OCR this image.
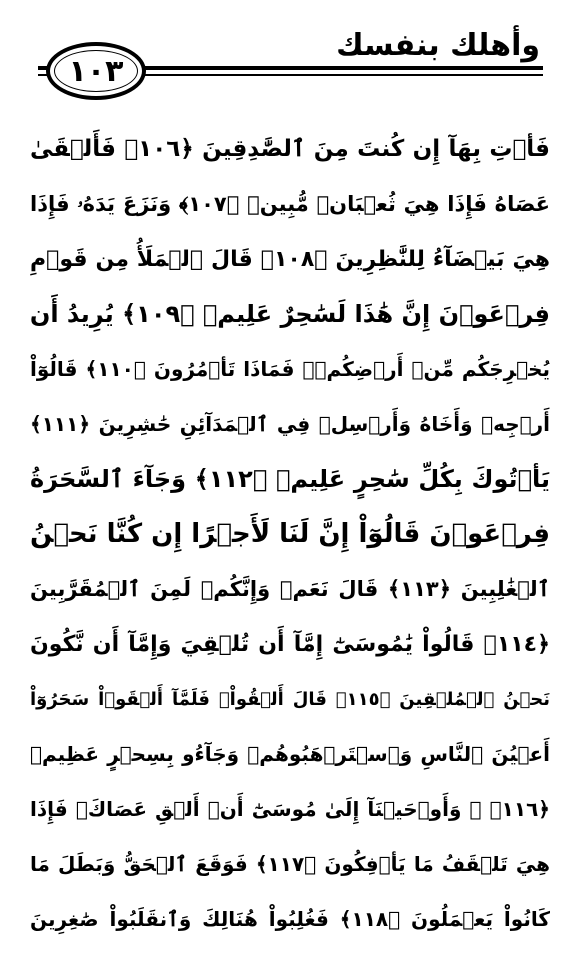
١٠٣
وأهلك بنفسك
فَأۡتِ بِهَآ إِن كُنتَ مِنَ ٱلصَّٰدِقِينَ ﴿١٠٦﴾ فَأَلۡقَىٰ
عَصَاهُ فَإِذَا هِيَ ثُعۡبَانٞ مُّبِينٞ ﴿١٠٧﴾ وَنَزَعَ يَدَهُۥ فَإِذَا
هِيَ بَيۡضَآءُ لِلنَّٰظِرِينَ ﴿١٠٨﴾ قَالَ ٱلۡمَلَأُ مِن قَوۡمِ
فِرۡعَوۡنَ إِنَّ هَٰذَا لَسَٰحِرٌ عَلِيمٞ ﴿١٠٩﴾ يُرِيدُ أَن
يُخۡرِجَكُم مِّنۡ أَرۡضِكُمۡۖ فَمَاذَا تَأۡمُرُونَ ﴿١١٠﴾ قَالُوٓاْ
أَرۡجِهۡ وَأَخَاهُ وَأَرۡسِلۡ فِي ٱلۡمَدَآئِنِ حَٰشِرِينَ ﴿١١١﴾
يَأۡتُوكَ بِكُلِّ سَٰحِرٍ عَلِيمٖ ﴿١١٢﴾ وَجَآءَ ٱلسَّحَرَةُ
فِرۡعَوۡنَ قَالُوٓاْ إِنَّ لَنَا لَأَجۡرًا إِن كُنَّا نَحۡنُ
ٱلۡغَٰلِبِينَ ﴿١١٣﴾ قَالَ نَعَمۡ وَإِنَّكُمۡ لَمِنَ ٱلۡمُقَرَّبِينَ
﴿١١٤﴾ قَالُواْ يَٰمُوسَىٰٓ إِمَّآ أَن تُلۡقِيَ وَإِمَّآ أَن نَّكُونَ
نَحۡنُ ٱلۡمُلۡقِينَ ﴿١١٥﴾ قَالَ أَلۡقُواْۖ فَلَمَّآ أَلۡقَوۡاْ سَحَرُوٓاْ
أَعۡيُنَ ٱلنَّاسِ وَٱسۡتَرۡهَبُوهُمۡ وَجَآءُو بِسِحۡرٍ عَظِيمٖ
﴿١١٦﴾ ۞ وَأَوۡحَيۡنَآ إِلَىٰ مُوسَىٰٓ أَنۡ أَلۡقِ عَصَاكَۖ فَإِذَا
هِيَ تَلۡقَفُ مَا يَأۡفِكُونَ ﴿١١٧﴾ فَوَقَعَ ٱلۡحَقُّ وَبَطَلَ مَا
كَانُواْ يَعۡمَلُونَ ﴿١١٨﴾ فَغُلِبُواْ هُنَالِكَ وَٱنقَلَبُواْ صَٰغِرِينَ
